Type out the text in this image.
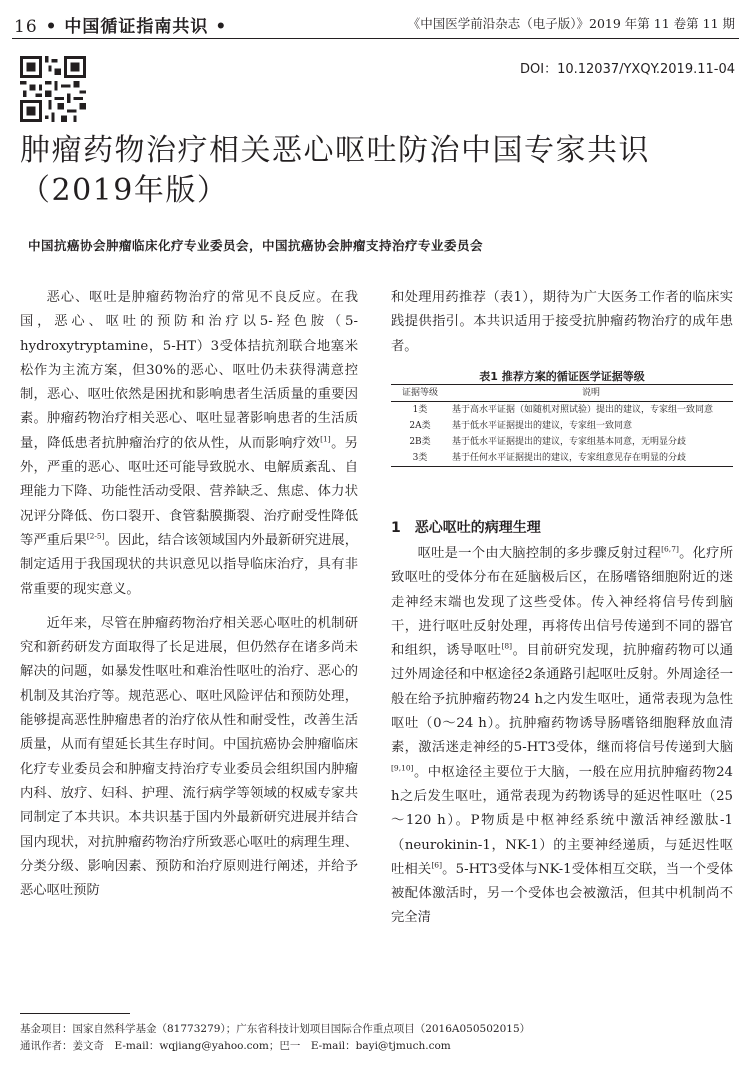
16 • 中国循证指南共识 •	《中国医学前沿杂志（电子版）》2019 年第 11 卷第 11 期
DOI：10.12037/YXQY.2019.11-04
肿瘤药物治疗相关恶心呕吐防治中国专家共识（2019年版）
中国抗癌协会肿瘤临床化疗专业委员会，中国抗癌协会肿瘤支持治疗专业委员会

恶心、呕吐是肿瘤药物治疗的常见不良反应。在我国，恶心、呕吐的预防和治疗以5-羟色胺（5-hydroxytryptamine，5-HT）3受体拮抗剂联合地塞米松作为主流方案，但30%的恶心、呕吐仍未获得满意控制，恶心、呕吐依然是困扰和影响患者生活质量的重要因素。肿瘤药物治疗相关恶心、呕吐显著影响患者的生活质量，降低患者抗肿瘤治疗的依从性，从而影响疗效[1]。另外，严重的恶心、呕吐还可能导致脱水、电解质紊乱、自理能力下降、功能性活动受限、营养缺乏、焦虑、体力状况评分降低、伤口裂开、食管黏膜撕裂、治疗耐受性降低等严重后果[2-5]。因此，结合该领域国内外最新研究进展，制定适用于我国现状的共识意见以指导临床治疗，具有非常重要的现实意义。

近年来，尽管在肿瘤药物治疗相关恶心呕吐的机制研究和新药研发方面取得了长足进展，但仍然存在诸多尚未解决的问题，如暴发性呕吐和难治性呕吐的治疗、恶心的机制及其治疗等。规范恶心、呕吐风险评估和预防处理，能够提高恶性肿瘤患者的治疗依从性和耐受性，改善生活质量，从而有望延长其生存时间。中国抗癌协会肿瘤临床化疗专业委员会和肿瘤支持治疗专业委员会组织国内肿瘤内科、放疗、妇科、护理、流行病学等领域的权威专家共同制定了本共识。本共识基于国内外最新研究进展并结合国内现状，对抗肿瘤药物治疗所致恶心呕吐的病理生理、分类分级、影响因素、预防和治疗原则进行阐述，并给予恶心呕吐预防

和处理用药推荐（表1），期待为广大医务工作者的临床实践提供指引。本共识适用于接受抗肿瘤药物治疗的成年患者。

表1 推荐方案的循证医学证据等级
证据等级	说明
1类	基于高水平证据（如随机对照试验）提出的建议，专家组一致同意
2A类	基于低水平证据提出的建议，专家组一致同意
2B类	基于低水平证据提出的建议，专家组基本同意，无明显分歧
3类	基于任何水平证据提出的建议，专家组意见存在明显的分歧
1　恶心呕吐的病理生理

呕吐是一个由大脑控制的多步骤反射过程[6,7]。化疗所致呕吐的受体分布在延脑极后区，在肠嗜铬细胞附近的迷走神经末端也发现了这些受体。传入神经将信号传到脑干，进行呕吐反射处理，再将传出信号传递到不同的器官和组织，诱导呕吐[8]。目前研究发现，抗肿瘤药物可以通过外周途径和中枢途径2条通路引起呕吐反射。外周途径一般在给予抗肿瘤药物24 h之内发生呕吐，通常表现为急性呕吐（0～24 h）。抗肿瘤药物诱导肠嗜铬细胞释放血清素，激活迷走神经的5-HT3受体，继而将信号传递到大脑[9,10]。中枢途径主要位于大脑，一般在应用抗肿瘤药物24 h之后发生呕吐，通常表现为药物诱导的延迟性呕吐（25～120 h）。P物质是中枢神经系统中激活神经激肽-1（neurokinin-1，NK-1）的主要神经递质，与延迟性呕吐相关[6]。5-HT3受体与NK-1受体相互交联，当一个受体被配体激活时，另一个受体也会被激活，但其中机制尚不完全清

基金项目：国家自然科学基金（81773279）；广东省科技计划项目国际合作重点项目（2016A050502015）
通讯作者：姜文奇　E-mail：wqjiang@yahoo.com；巴一　E-mail：bayi@tjmuch.com
